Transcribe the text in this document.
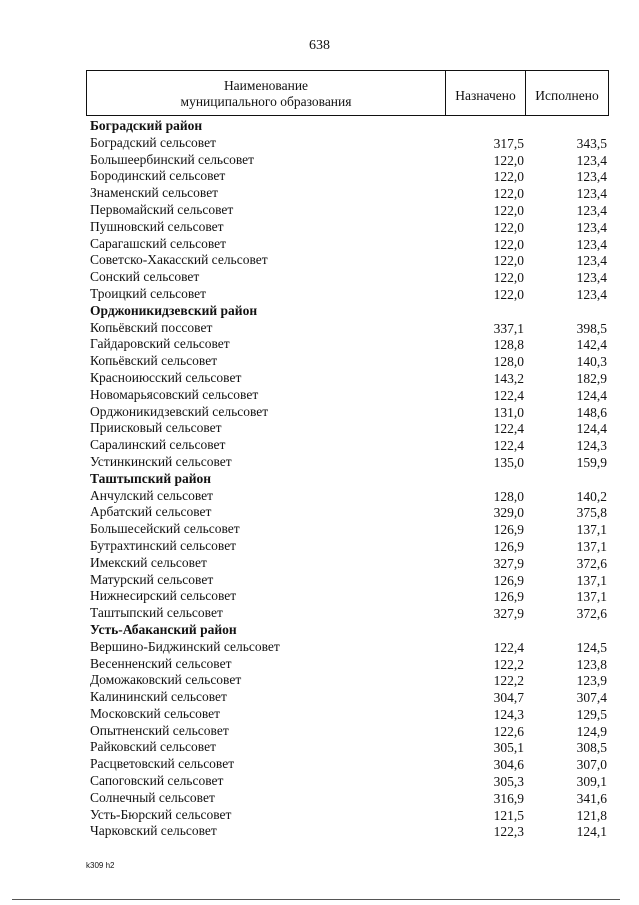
638
Наименование
муниципального образования	Назначено	Исполнено
Боградский район
Боградский сельсовет	317,5	343,5
Большеербинский сельсовет	122,0	123,4
Бородинский сельсовет	122,0	123,4
Знаменский сельсовет	122,0	123,4
Первомайский сельсовет	122,0	123,4
Пушновский сельсовет	122,0	123,4
Сарагашский сельсовет	122,0	123,4
Советско-Хакасский сельсовет	122,0	123,4
Сонский сельсовет	122,0	123,4
Троицкий сельсовет	122,0	123,4
Орджоникидзевский район
Копьёвский поссовет	337,1	398,5
Гайдаровский сельсовет	128,8	142,4
Копьёвский сельсовет	128,0	140,3
Красноиюсский сельсовет	143,2	182,9
Новомарьясовский сельсовет	122,4	124,4
Орджоникидзевский сельсовет	131,0	148,6
Приисковый сельсовет	122,4	124,4
Саралинский сельсовет	122,4	124,3
Устинкинский сельсовет	135,0	159,9
Таштыпский район
Анчулский сельсовет	128,0	140,2
Арбатский сельсовет	329,0	375,8
Большесейский сельсовет	126,9	137,1
Бутрахтинский сельсовет	126,9	137,1
Имекский сельсовет	327,9	372,6
Матурский сельсовет	126,9	137,1
Нижнесирский сельсовет	126,9	137,1
Таштыпский сельсовет	327,9	372,6
Усть-Абаканский район
Вершино-Биджинский сельсовет	122,4	124,5
Весенненский сельсовет	122,2	123,8
Доможаковский сельсовет	122,2	123,9
Калининский сельсовет	304,7	307,4
Московский сельсовет	124,3	129,5
Опытненский сельсовет	122,6	124,9
Райковский сельсовет	305,1	308,5
Расцветовский сельсовет	304,6	307,0
Сапоговский сельсовет	305,3	309,1
Солнечный сельсовет	316,9	341,6
Усть-Бюрский сельсовет	121,5	121,8
Чарковский сельсовет	122,3	124,1
k309 h2
